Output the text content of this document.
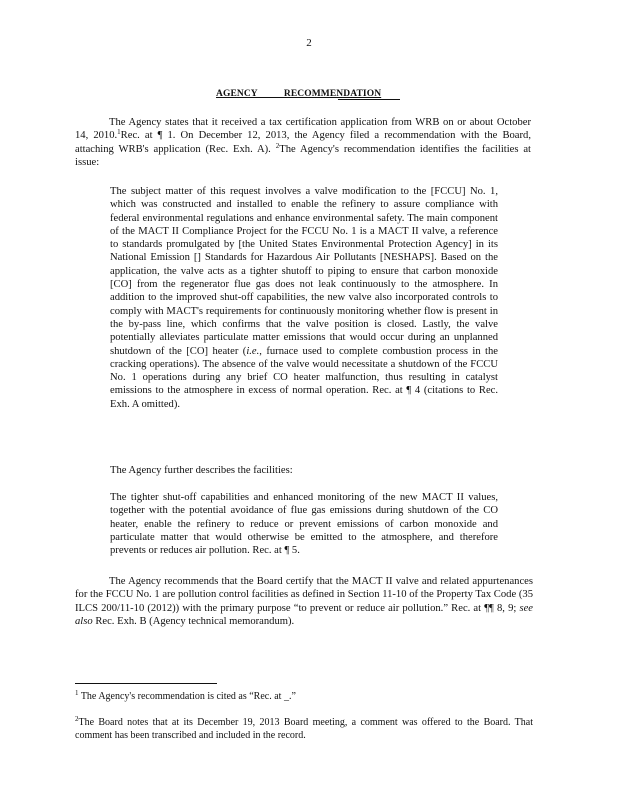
2
AGENCY RECOMMENDATION

The Agency states that it received a tax certification application from WRB on or about October 14, 2010.$^1$Rec. at ¶ 1. On December 12, 2013, the Agency filed a recommendation with the Board, attaching WRB's application (Rec. Exh. A). $^2$The Agency's recommendation identifies the facilities at issue:

The subject matter of this request involves a valve modification to the [FCCU] No. 1, which was constructed and installed to enable the refinery to assure compliance with federal environmental regulations and enhance environmental safety. The main component of the MACT II Compliance Project for the FCCU No. 1 is a MACT II valve, a reference to standards promulgated by [the United States Environmental Protection Agency] in its National Emission [] Standards for Hazardous Air Pollutants [NESHAPS]. Based on the application, the valve acts as a tighter shutoff to piping to ensure that carbon monoxide [CO] from the regenerator flue gas does not leak continuously to the atmosphere. In addition to the improved shut-off capabilities, the new valve also incorporated controls to comply with MACT's requirements for continuously monitoring whether flow is present in the by-pass line, which confirms that the valve position is closed. Lastly, the valve potentially alleviates particulate matter emissions that would occur during an unplanned shutdown of the [CO] heater (i.e., furnace used to complete combustion process in the cracking operations). The absence of the valve would necessitate a shutdown of the FCCU No. 1 operations during any brief CO heater malfunction, thus resulting in catalyst emissions to the atmosphere in excess of normal operation. Rec. at ¶ 4 (citations to Rec. Exh. A omitted).

The Agency further describes the facilities:

The tighter shut-off capabilities and enhanced monitoring of the new MACT II values, together with the potential avoidance of flue gas emissions during shutdown of the CO heater, enable the refinery to reduce or prevent emissions of carbon monoxide and particulate matter that would otherwise be emitted to the atmosphere, and therefore prevents or reduces air pollution. Rec. at ¶ 5.

The Agency recommends that the Board certify that the MACT II valve and related appurtenances for the FCCU No. 1 are pollution control facilities as defined in Section 11-10 of the Property Tax Code (35 ILCS 200/11-10 (2012)) with the primary purpose “to prevent or reduce air pollution.” Rec. at ¶¶ 8, 9; see also Rec. Exh. B (Agency technical memorandum).

$^1$ The Agency's recommendation is cited as “Rec. at _.”

$^2$The Board notes that at its December 19, 2013 Board meeting, a comment was offered to the Board. That comment has been transcribed and included in the record.
